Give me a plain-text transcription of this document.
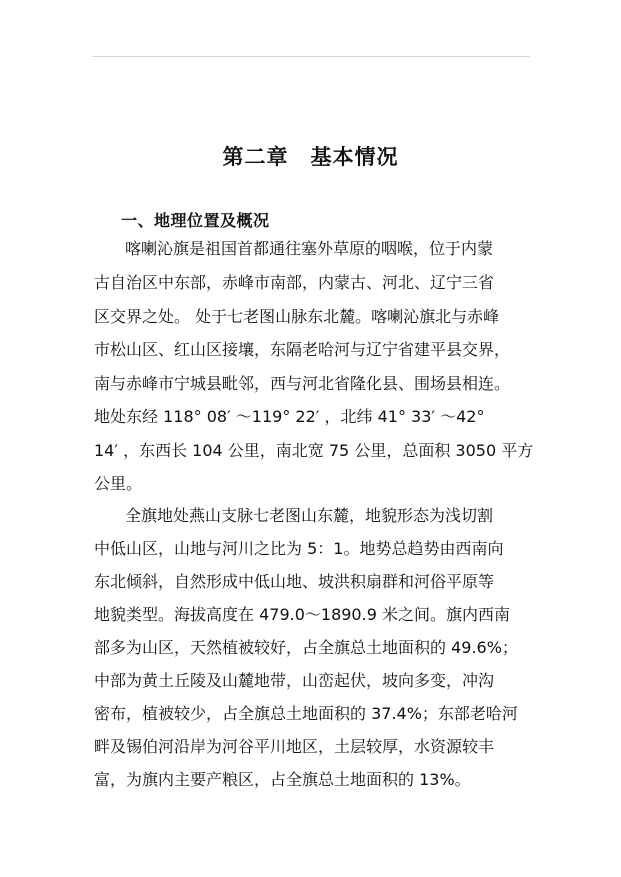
第二章　基本情况
一、地理位置及概况
喀喇沁旗是祖国首都通往塞外草原的咽喉，位于内蒙
古自治区中东部，赤峰市南部，内蒙古、河北、辽宁三省
区交界之处。 处于七老图山脉东北麓。喀喇沁旗北与赤峰
市松山区、红山区接壤，东隔老哈河与辽宁省建平县交界，
南与赤峰市宁城县毗邻，西与河北省隆化县、围场县相连。
地处东经 118° 08′ ～119° 22′ ，北纬 41° 33′ ～42°
14′ ，东西长 104 公里，南北宽 75 公里，总面积 3050 平方
公里。
全旗地处燕山支脉七老图山东麓，地貌形态为浅切割
中低山区，山地与河川之比为 5：1。地势总趋势由西南向
东北倾斜，自然形成中低山地、坡洪积扇群和河俗平原等
地貌类型。海拔高度在 479.0～1890.9 米之间。旗内西南
部多为山区，天然植被较好，占全旗总土地面积的 49.6%；
中部为黄土丘陵及山麓地带，山峦起伏，坡向多变，冲沟
密布，植被较少，占全旗总土地面积的 37.4%；东部老哈河
畔及锡伯河沿岸为河谷平川地区，土层较厚，水资源较丰
富，为旗内主要产粮区，占全旗总土地面积的 13%。
